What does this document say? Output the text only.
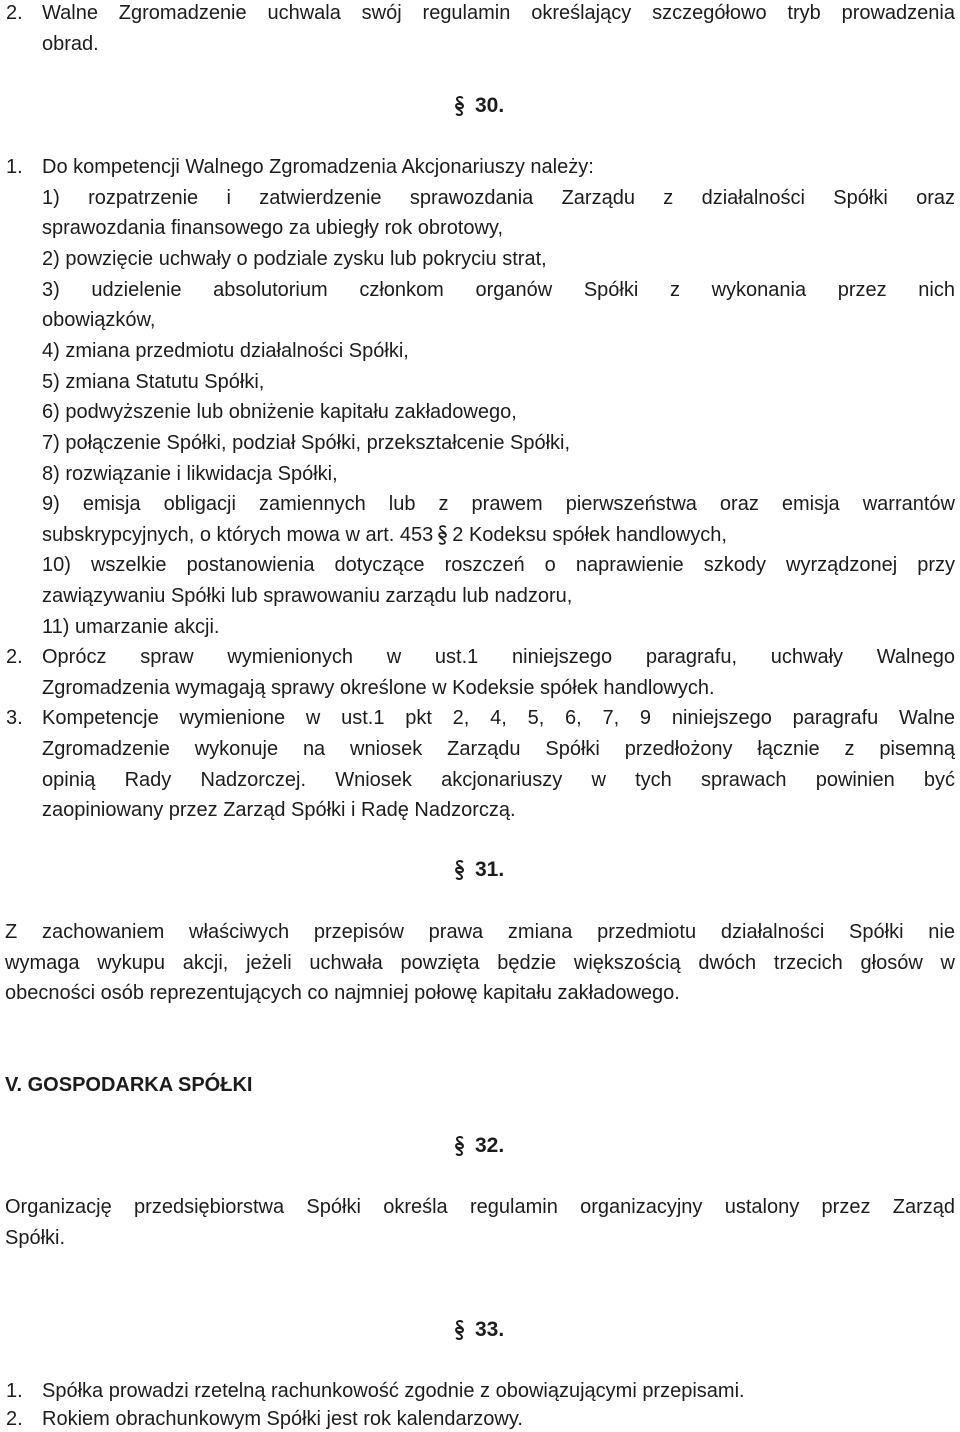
2. Walne Zgromadzenie uchwala swój regulamin określający szczegółowo tryb prowadzenia
obrad.
30.
1. Do kompetencji Walnego Zgromadzenia Akcjonariuszy należy:
1) rozpatrzenie i zatwierdzenie sprawozdania Zarządu z działalności Spółki oraz
sprawozdania finansowego za ubiegły rok obrotowy,
2) powzięcie uchwały o podziale zysku lub pokryciu strat,
3) udzielenie absolutorium członkom organów Spółki z wykonania przez nich
obowiązków,
4) zmiana przedmiotu działalności Spółki,
5) zmiana Statutu Spółki,
6) podwyższenie lub obniżenie kapitału zakładowego,
7) połączenie Spółki, podział Spółki, przekształcenie Spółki,
8) rozwiązanie i likwidacja Spółki,
9) emisja obligacji zamiennych lub z prawem pierwszeństwa oraz emisja warrantów
subskrypcyjnych, o których mowa w art. 453 2 Kodeksu spółek handlowych,
10) wszelkie postanowienia dotyczące roszczeń o naprawienie szkody wyrządzonej przy
zawiązywaniu Spółki lub sprawowaniu zarządu lub nadzoru,
11) umarzanie akcji.
2. Oprócz spraw wymienionych w ust.1 niniejszego paragrafu, uchwały Walnego
Zgromadzenia wymagają sprawy określone w Kodeksie spółek handlowych.
3. Kompetencje wymienione w ust.1 pkt 2, 4, 5, 6, 7, 9 niniejszego paragrafu Walne
Zgromadzenie wykonuje na wniosek Zarządu Spółki przedłożony łącznie z pisemną
opinią Rady Nadzorczej. Wniosek akcjonariuszy w tych sprawach powinien być
zaopiniowany przez Zarząd Spółki i Radę Nadzorczą.
31.
Z zachowaniem właściwych przepisów prawa zmiana przedmiotu działalności Spółki nie
wymaga wykupu akcji, jeżeli uchwała powzięta będzie większością dwóch trzecich głosów w
obecności osób reprezentujących co najmniej połowę kapitału zakładowego.
V. GOSPODARKA SPÓŁKI
32.
Organizację przedsiębiorstwa Spółki określa regulamin organizacyjny ustalony przez Zarząd
Spółki.
33.
1. Spółka prowadzi rzetelną rachunkowość zgodnie z obowiązującymi przepisami.
2. Rokiem obrachunkowym Spółki jest rok kalendarzowy.
